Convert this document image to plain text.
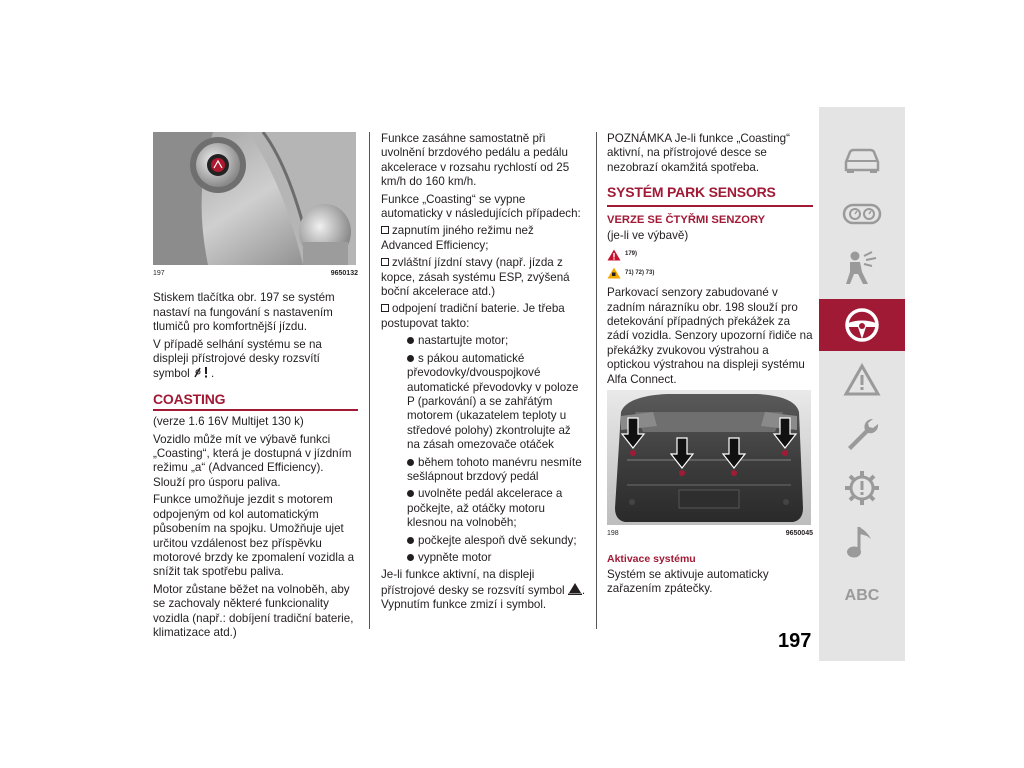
197	9650132

Stiskem tlačítka obr. 197 se systém nastaví na fungování s nastavením tlumičů pro komfortnější jízdu.

V případě selhání systému se na displeji přístrojové desky rozsvítí symbol .

COASTING

(verze 1.6 16V Multijet 130 k)

Vozidlo může mít ve výbavě funkci „Coasting“, která je dostupná v jízdním režimu „a“ (Advanced Efficiency). Slouží pro úsporu paliva.

Funkce umožňuje jezdit s motorem odpojeným od kol automatickým působením na spojku. Umožňuje ujet určitou vzdálenost bez příspěvku motorové brzdy ke zpomalení vozidla a snížit tak spotřebu paliva.

Motor zůstane běžet na volnoběh, aby se zachovaly některé funkcionality vozidla (např.: dobíjení tradiční baterie, klimatizace atd.)

Funkce zasáhne samostatně při uvolnění brzdového pedálu a pedálu akcelerace v rozsahu rychlostí od 25 km/h do 160 km/h.

Funkce „Coasting“ se vypne automaticky v následujících případech:

zapnutím jiného režimu než Advanced Efficiency;

zvláštní jízdní stavy (např. jízda z kopce, zásah systému ESP, zvýšená boční akcelerace atd.)

odpojení tradiční baterie. Je třeba postupovat takto:

nastartujte motor;

s pákou automatické převodovky/dvouspojkové automatické převodovky v poloze P (parkování) a se zahřátým motorem (ukazatelem teploty u středové polohy) zkontrolujte až na zásah omezovače otáček

během tohoto manévru nesmíte sešlápnout brzdový pedál

uvolněte pedál akcelerace a počkejte, až otáčky motoru klesnou na volnoběh;

počkejte alespoň dvě sekundy;

vypněte motor

Je-li funkce aktivní, na displeji přístrojové desky se rozsvítí symbol . Vypnutím funkce zmizí i symbol.

POZNÁMKA Je-li funkce „Coasting“ aktivní, na přístrojové desce se nezobrazí okamžitá spotřeba.

SYSTÉM PARK SENSORS
VERZE SE ČTYŘMI SENZORY

(je-li ve výbavě)

179)
71) 72) 73)

Parkovací senzory zabudované v zadním nárazníku obr. 198 slouží pro detekování případných překážek za zádí vozidla. Senzory upozorní řidiče na překážky zvukovou výstrahou a optickou výstrahou na displeji systému Alfa Connect.

198	9650045
Aktivace systému

Systém se aktivuje automaticky zařazením zpátečky.	ABC
197
